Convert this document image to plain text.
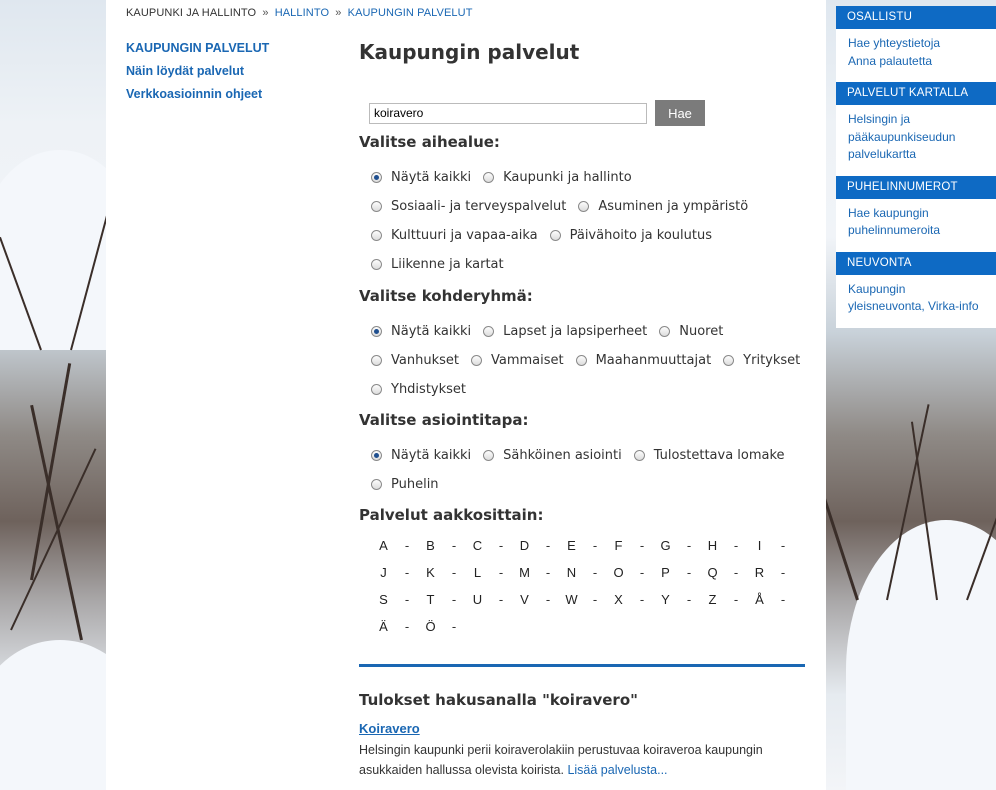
KAUPUNKI JA HALLINTO » HALLINTO » KAUPUNGIN PALVELUT
KAUPUNGIN PALVELUT
Näin löydät palvelut
Verkkoasioinnin ohjeet
Kaupungin palvelut
koiravero
Hae
Valitse aihealue:
Näytä kaikki Kaupunki ja hallinto
Sosiaali- ja terveyspalvelut Asuminen ja ympäristö
Kulttuuri ja vapaa-aika Päivähoito ja koulutus
Liikenne ja kartat
Valitse kohderyhmä:
Näytä kaikki Lapset ja lapsiperheet Nuoret
Vanhukset Vammaiset Maahanmuuttajat Yritykset
Yhdistykset
Valitse asiointitapa:
Näytä kaikki Sähköinen asiointi Tulostettava lomake
Puhelin
Palvelut aakkosittain:
A - B - C - D - E - F - G - H - I -
J - K - L - M - N - O - P - Q - R -
S - T - U - V - W - X - Y - Z - Å -
Ä - Ö -
Tulokset hakusanalla "koiravero"
Koiravero
Helsingin kaupunki perii koiraverolakiin perustuvaa koiraveroa kaupungin asukkaiden hallussa olevista koirista. Lisää palvelusta...
OSALLISTU
Hae yhteystietoja
Anna palautetta
PALVELUT KARTALLA
Helsingin ja pääkaupunkiseudun palvelukartta
PUHELINNUMEROT
Hae kaupungin puhelinnumeroita
NEUVONTA
Kaupungin yleisneuvonta, Virka-info
